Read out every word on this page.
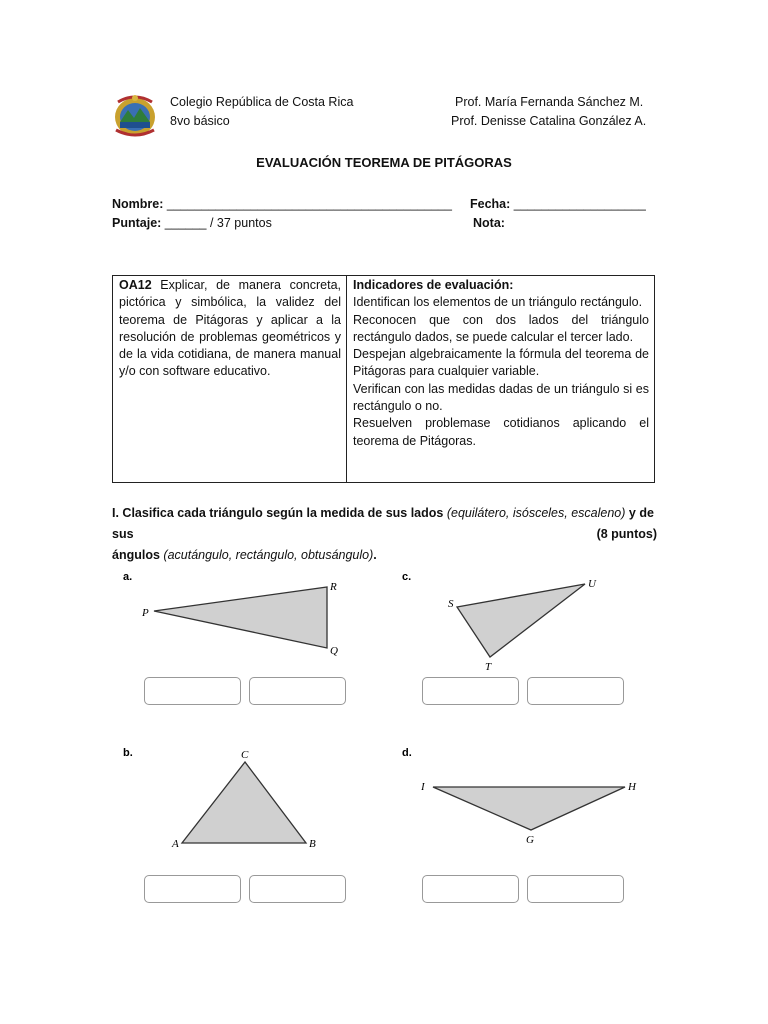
Colegio República de Costa Rica
8vo básico
Prof. María Fernanda Sánchez M.
Prof. Denisse Catalina González A.
EVALUACIÓN TEOREMA DE PITÁGORAS
Nombre: _________________________________________ Fecha: ___________________
Puntaje: ______ / 37 puntos	Nota:
OA12 Explicar, de manera concreta, pictórica y simbólica, la validez del teorema de Pitágoras y aplicar a la resolución de problemas geométricos y de la vida cotidiana, de manera manual y/o con software educativo.

Indicadores de evaluación:

Identifican los elementos de un triángulo rectángulo.

Reconocen que con dos lados del triángulo rectángulo dados, se puede calcular el tercer lado.

Despejan algebraicamente la fórmula del teorema de Pitágoras para cualquier variable.

Verifican con las medidas dadas de un triángulo si es rectángulo o no.

Resuelven problemase cotidianos aplicando el teorema de Pitágoras.

I. Clasifica cada triángulo según la medida de sus lados (equilátero, isósceles, escaleno) y de sus
ángulos (acutángulo, rectángulo, obtusángulo).
(8 puntos)
a.
P
R
Q
c.
S
U
T
b.	C
A	B
d.
I	H
G
